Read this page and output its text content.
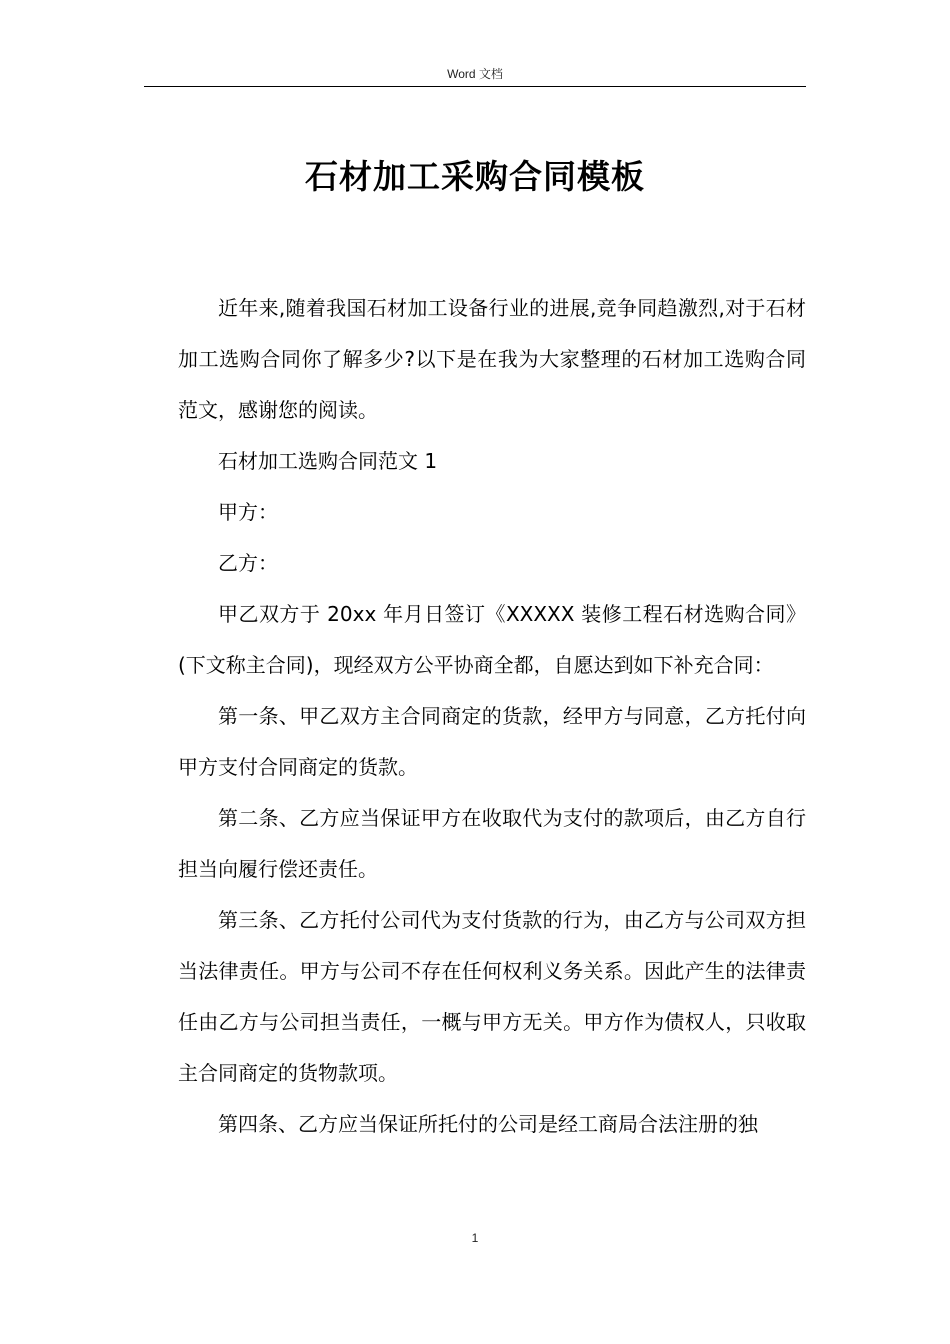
Word 文档
石材加工采购合同模板

近年来,随着我国石材加工设备行业的进展,竞争同趋激烈,对于石材加工选购合同你了解多少?以下是在我为大家整理的石材加工选购合同范文，感谢您的阅读。

石材加工选购合同范文 1

甲方：

乙方：

甲乙双方于 20xx 年月日签订《XXXXX 装修工程石材选购合同》(下文称主合同)，现经双方公平协商全都，自愿达到如下补充合同：

第一条、甲乙双方主合同商定的货款，经甲方与同意，乙方托付向甲方支付合同商定的货款。

第二条、乙方应当保证甲方在收取代为支付的款项后，由乙方自行担当向履行偿还责任。

第三条、乙方托付公司代为支付货款的行为，由乙方与公司双方担当法律责任。甲方与公司不存在任何权利义务关系。因此产生的法律责任由乙方与公司担当责任，一概与甲方无关。甲方作为债权人，只收取主合同商定的货物款项。

第四条、乙方应当保证所托付的公司是经工商局合法注册的独

1
